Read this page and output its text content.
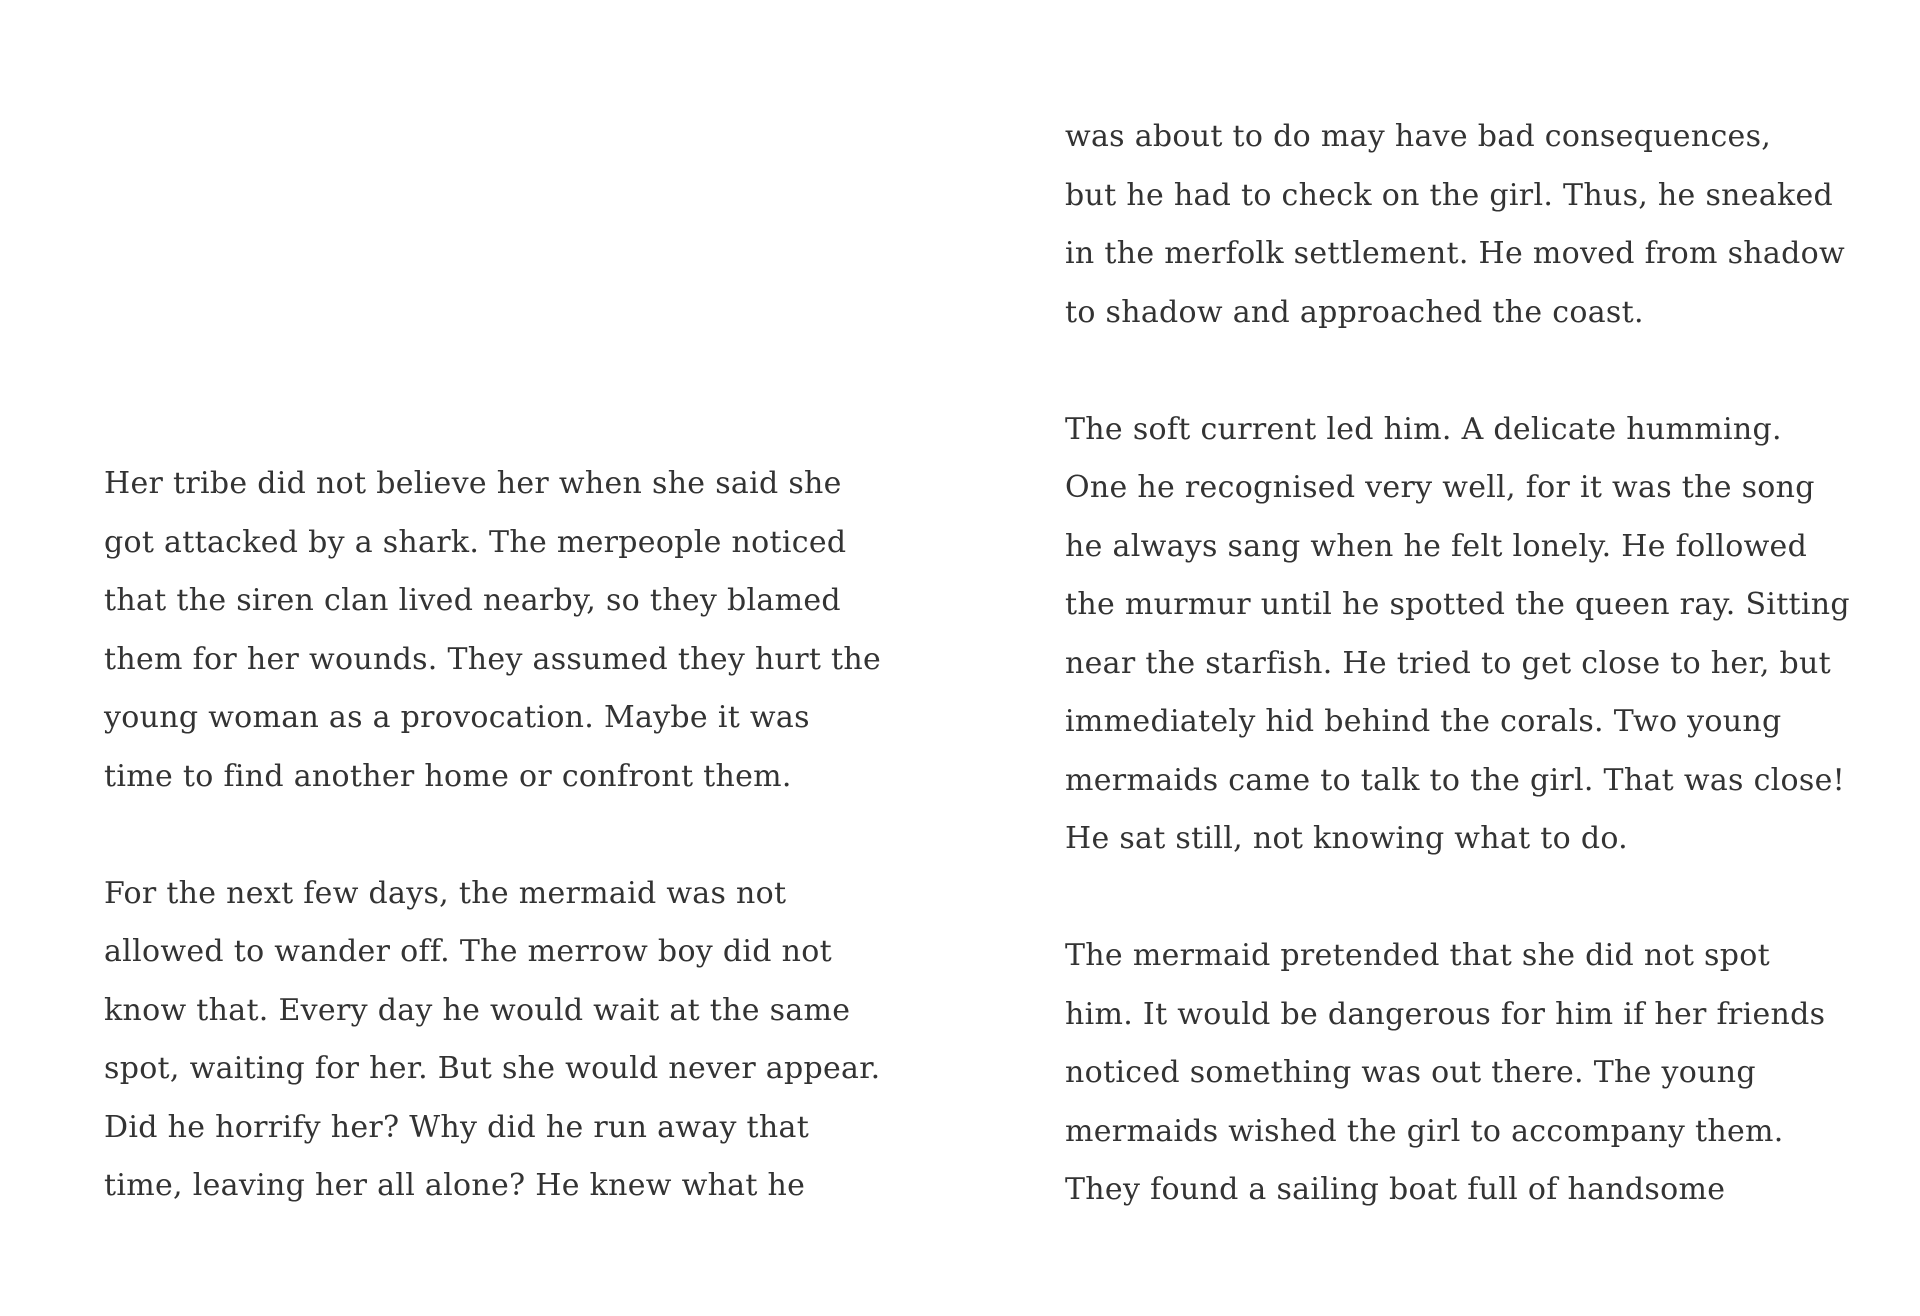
Her tribe did not believe her when she said she
got attacked by a shark. The merpeople noticed
that the siren clan lived nearby, so they blamed
them for her wounds. They assumed they hurt the
young woman as a provocation. Maybe it was
time to find another home or confront them.

For the next few days, the mermaid was not
allowed to wander off. The merrow boy did not
know that. Every day he would wait at the same
spot, waiting for her. But she would never appear.
Did he horrify her? Why did he run away that
time, leaving her all alone? He knew what he

was about to do may have bad consequences,
but he had to check on the girl. Thus, he sneaked
in the merfolk settlement. He moved from shadow
to shadow and approached the coast.

The soft current led him. A delicate humming.
One he recognised very well, for it was the song
he always sang when he felt lonely. He followed
the murmur until he spotted the queen ray. Sitting
near the starfish. He tried to get close to her, but
immediately hid behind the corals. Two young
mermaids came to talk to the girl. That was close!
He sat still, not knowing what to do.

The mermaid pretended that she did not spot
him. It would be dangerous for him if her friends
noticed something was out there. The young
mermaids wished the girl to accompany them.
They found a sailing boat full of handsome
